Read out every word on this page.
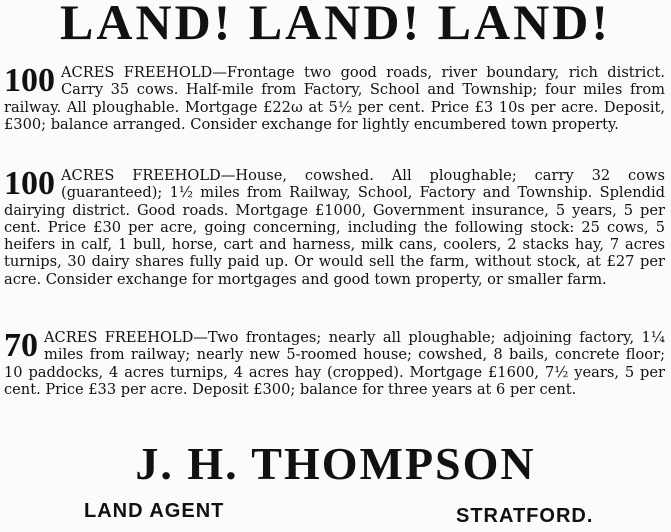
LAND! LAND! LAND!
100 ACRES FREEHOLD—Frontage two good roads, river boundary, rich district. Carry 35 cows. Half-mile from Factory, School and Township; four miles from railway. All ploughable. Mortgage £22ω at 5½ per cent. Price £3 10s per acre. Deposit, £300; balance arranged. Consider exchange for lightly encumbered town property.
100 ACRES FREEHOLD—House, cowshed. All ploughable; carry 32 cows (guaranteed); 1½ miles from Railway, School, Factory and Township. Splendid dairying district. Good roads. Mortgage £1000, Government insurance, 5 years, 5 per cent. Price £30 per acre, going concerning, including the following stock: 25 cows, 5 heifers in calf, 1 bull, horse, cart and harness, milk cans, coolers, 2 stacks hay, 7 acres turnips, 30 dairy shares fully paid up. Or would sell the farm, without stock, at £27 per acre. Consider exchange for mortgages and good town property, or smaller farm.
70 ACRES FREEHOLD—Two frontages; nearly all ploughable; adjoining factory, 1¼ miles from railway; nearly new 5-roomed house; cowshed, 8 bails, concrete floor; 10 paddocks, 4 acres turnips, 4 acres hay (cropped). Mortgage £1600, 7½ years, 5 per cent. Price £33 per acre. Deposit £300; balance for three years at 6 per cent.
J. H. THOMPSON
LAND AGENT	STRATFORD.
